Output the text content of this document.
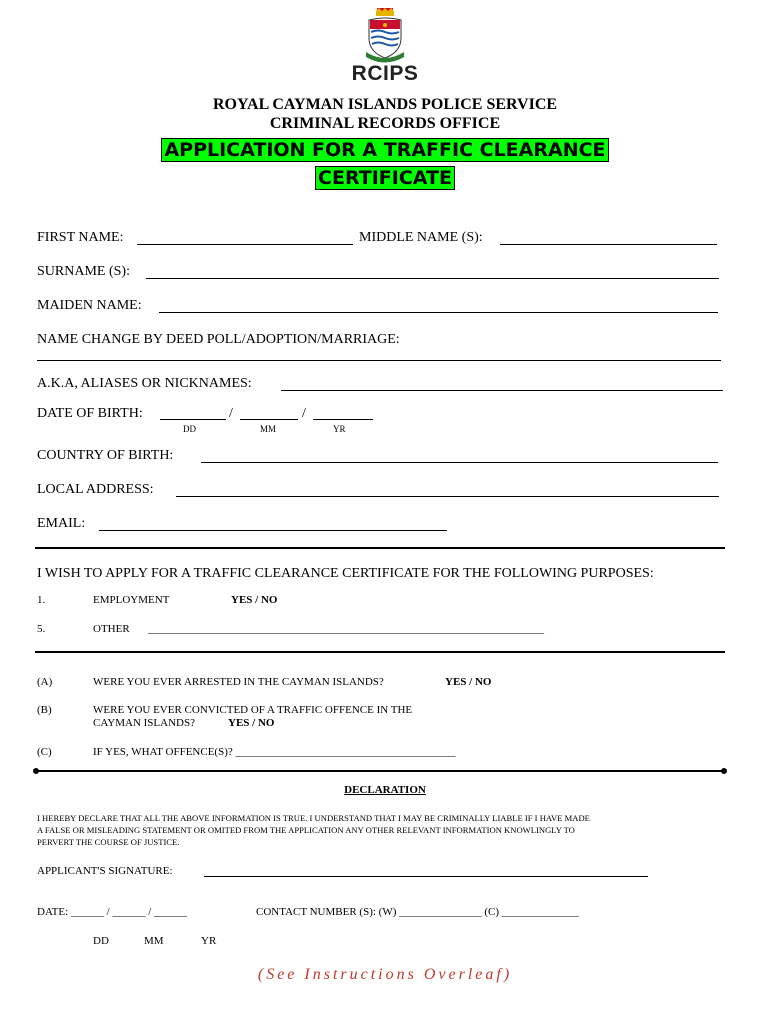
RCIPS
ROYAL CAYMAN ISLANDS POLICE SERVICE
CRIMINAL RECORDS OFFICE
APPLICATION FOR A TRAFFIC CLEARANCE
CERTIFICATE
FIRST NAME:	MIDDLE NAME (S):
SURNAME (S):
MAIDEN NAME:
NAME CHANGE BY DEED POLL/ADOPTION/MARRIAGE:
A.K.A, ALIASES OR NICKNAMES:
DATE OF BIRTH:	/	/
DD	MM	YR
COUNTRY OF BIRTH:
LOCAL ADDRESS:
EMAIL:
I WISH TO APPLY FOR A TRAFFIC CLEARANCE CERTIFICATE FOR THE FOLLOWING PURPOSES:
1.	EMPLOYMENT	YES / NO
5.	OTHER ________________________________________________________________________
(A)	WERE YOU EVER ARRESTED IN THE CAYMAN ISLANDS?	YES / NO
(B)	WERE YOU EVER CONVICTED OF A TRAFFIC OFFENCE IN THE
CAYMAN ISLANDS?	YES / NO
(C)	IF YES, WHAT OFFENCE(S)? ________________________________________
DECLARATION
I HEREBY DECLARE THAT ALL THE ABOVE INFORMATION IS TRUE. I UNDERSTAND THAT I MAY BE CRIMINALLY LIABLE IF I HAVE MADE
A FALSE OR MISLEADING STATEMENT OR OMITED FROM THE APPLICATION ANY OTHER RELEVANT INFORMATION KNOWLINGLY TO
PERVERT THE COURSE OF JUSTICE.
APPLICANT'S SIGNATURE:
DATE: ______ / ______ / ______	CONTACT NUMBER (S): (W) _______________ (C) ______________
DD	MM	YR
(See Instructions Overleaf)
